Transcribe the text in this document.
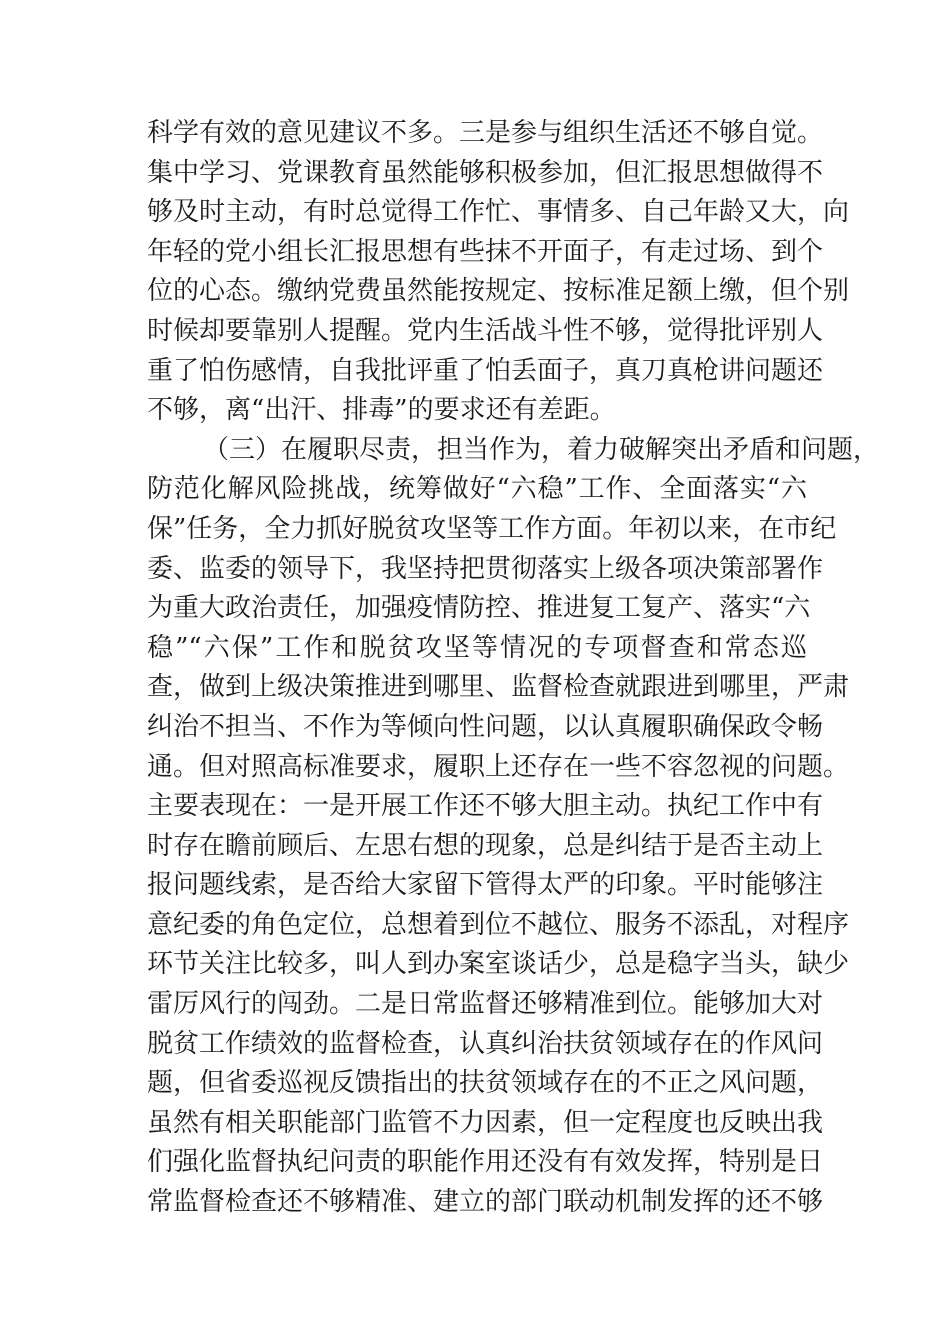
科学有效的意见建议不多。三是参与组织生活还不够自觉。
集中学习、党课教育虽然能够积极参加，但汇报思想做得不
够及时主动，有时总觉得工作忙、事情多、自己年龄又大，向
年轻的党小组长汇报思想有些抹不开面子，有走过场、到个
位的心态。缴纳党费虽然能按规定、按标准足额上缴，但个别
时候却要靠别人提醒。党内生活战斗性不够，觉得批评别人
重了怕伤感情，自我批评重了怕丢面子，真刀真枪讲问题还
不够，离“出汗、排毒”的要求还有差距。
（三）在履职尽责，担当作为，着力破解突出矛盾和问题，
防范化解风险挑战，统筹做好“六稳”工作、全面落实“六
保”任务，全力抓好脱贫攻坚等工作方面。年初以来，在市纪
委、监委的领导下，我坚持把贯彻落实上级各项决策部署作
为重大政治责任，加强疫情防控、推进复工复产、落实“六
稳”“六保”工作和脱贫攻坚等情况的专项督查和常态巡
查，做到上级决策推进到哪里、监督检查就跟进到哪里，严肃
纠治不担当、不作为等倾向性问题，以认真履职确保政令畅
通。但对照高标准要求，履职上还存在一些不容忽视的问题。
主要表现在：一是开展工作还不够大胆主动。执纪工作中有
时存在瞻前顾后、左思右想的现象，总是纠结于是否主动上
报问题线索，是否给大家留下管得太严的印象。平时能够注
意纪委的角色定位，总想着到位不越位、服务不添乱，对程序
环节关注比较多，叫人到办案室谈话少，总是稳字当头，缺少
雷厉风行的闯劲。二是日常监督还够精准到位。能够加大对
脱贫工作绩效的监督检查，认真纠治扶贫领域存在的作风问
题，但省委巡视反馈指出的扶贫领域存在的不正之风问题，
虽然有相关职能部门监管不力因素，但一定程度也反映出我
们强化监督执纪问责的职能作用还没有有效发挥，特别是日
常监督检查还不够精准、建立的部门联动机制发挥的还不够
